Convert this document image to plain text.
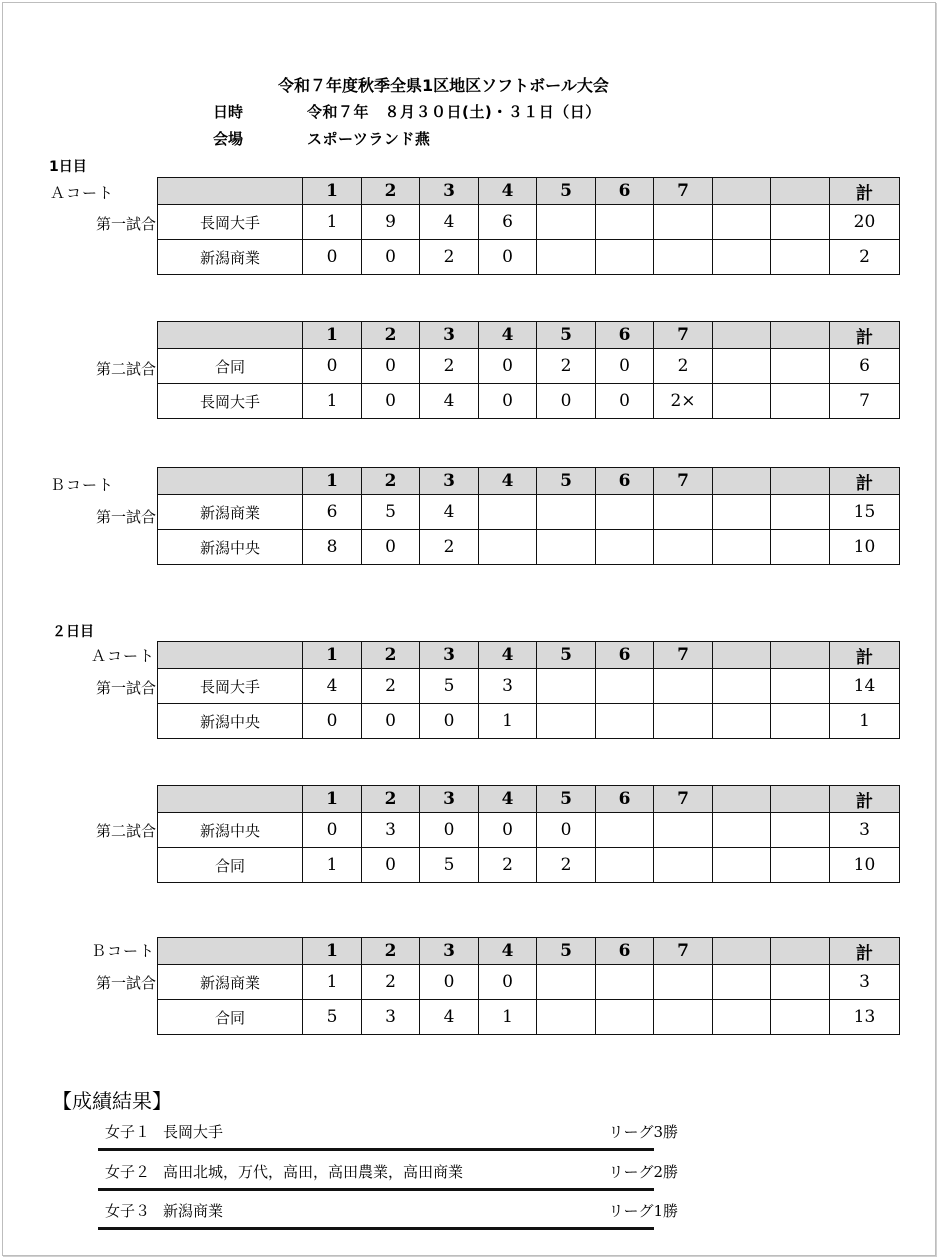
令和７年度秋季全県1区地区ソフトボール大会
日時	令和７年　８月３０日(土)・３１日（日）
会場	スポーツランド燕
1日目
Ａコート
第一試合
	1	2	3	4	5	6	7			計
長岡大手	1	9	4	6						20
新潟商業	0	0	2	0						2
第二試合
	1	2	3	4	5	6	7			計
合同	0	0	2	0	2	0	2			6
長岡大手	1	0	4	0	0	0	2×			7
Ｂコート
第一試合
	1	2	3	4	5	6	7			計
新潟商業	6	5	4							15
新潟中央	8	0	2							10
Ａコート
第一試合
	1	2	3	4	5	6	7			計
長岡大手	4	2	5	3						14
新潟中央	0	0	0	1						1
第二試合
	1	2	3	4	5	6	7			計
新潟中央	0	3	0	0	0					3
合同	1	0	5	2	2					10
Ｂコート
第一試合
	1	2	3	4	5	6	7			計
新潟商業	1	2	0	0						3
合同	5	3	4	1						13
２日目
【成績結果】
女子１ 長岡大手	リーグ3勝
女子２ 高田北城，万代，高田，高田農業，高田商業	リーグ2勝
女子３ 新潟商業	リーグ1勝
